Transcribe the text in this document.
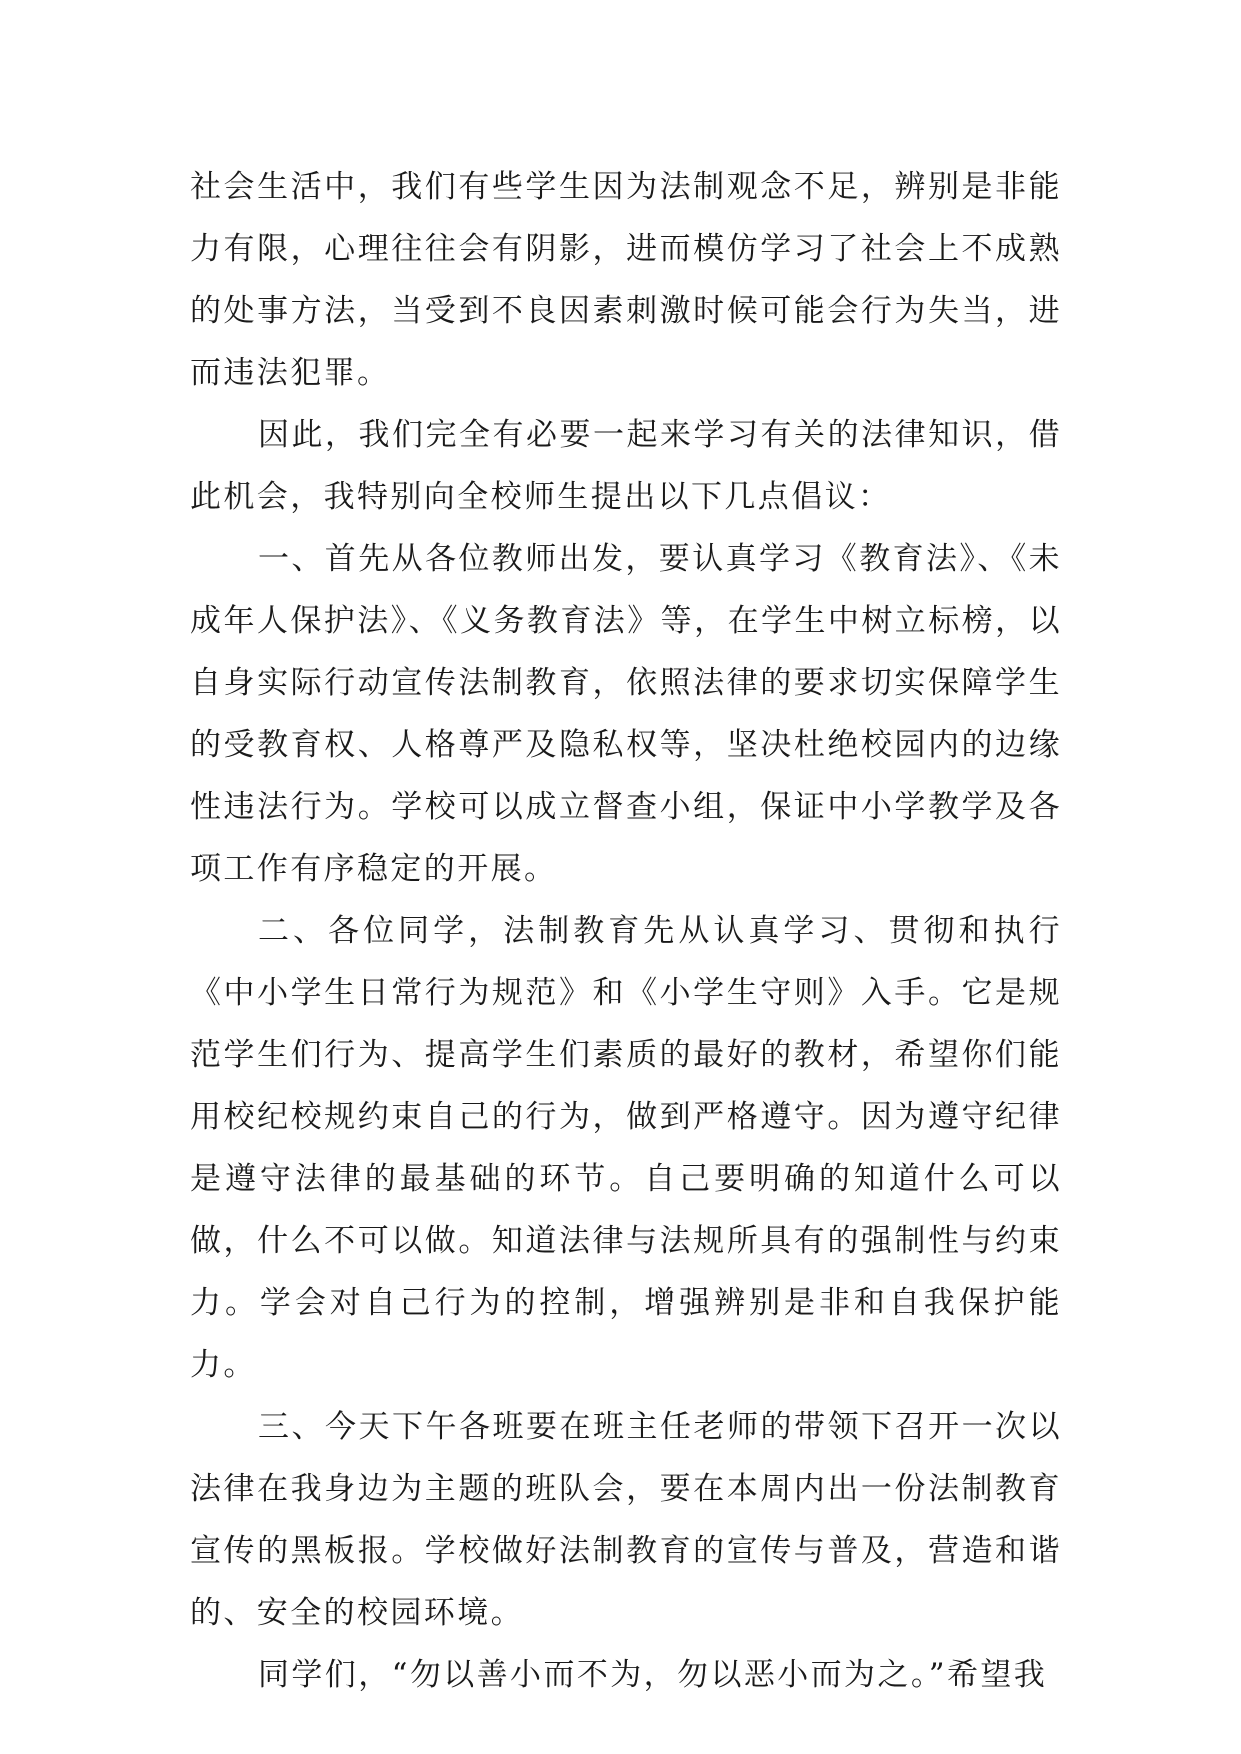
社会生活中，我们有些学生因为法制观念不足，辨别是非能力有限，心理往往会有阴影，进而模仿学习了社会上不成熟的处事方法，当受到不良因素刺激时候可能会行为失当，进而违法犯罪。

因此，我们完全有必要一起来学习有关的法律知识，借此机会，我特别向全校师生提出以下几点倡议：

一、首先从各位教师出发，要认真学习《教育法》、《未成年人保护法》、《义务教育法》等，在学生中树立标榜，以自身实际行动宣传法制教育，依照法律的要求切实保障学生的受教育权、人格尊严及隐私权等，坚决杜绝校园内的边缘性违法行为。学校可以成立督查小组，保证中小学教学及各项工作有序稳定的开展。

二、各位同学，法制教育先从认真学习、贯彻和执行《中小学生日常行为规范》和《小学生守则》入手。它是规范学生们行为、提高学生们素质的最好的教材，希望你们能用校纪校规约束自己的行为，做到严格遵守。因为遵守纪律是遵守法律的最基础的环节。自己要明确的知道什么可以做，什么不可以做。知道法律与法规所具有的强制性与约束力。学会对自己行为的控制，增强辨别是非和自我保护能力。

三、今天下午各班要在班主任老师的带领下召开一次以法律在我身边为主题的班队会，要在本周内出一份法制教育宣传的黑板报。学校做好法制教育的宣传与普及，营造和谐的、安全的校园环境。

同学们，“勿以善小而不为，勿以恶小而为之。”希望我
